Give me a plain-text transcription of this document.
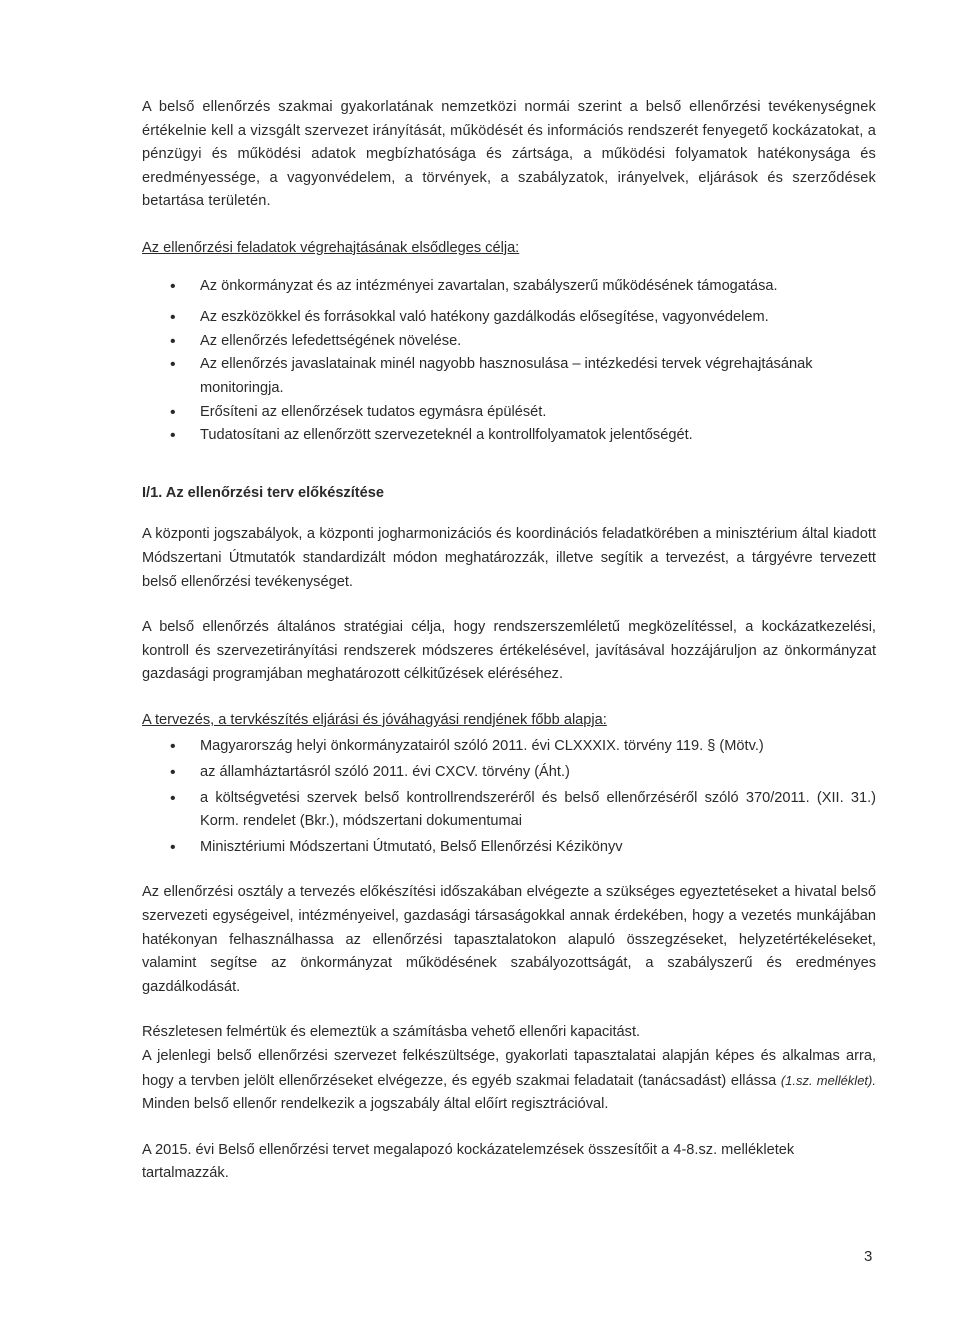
A belső ellenőrzés szakmai gyakorlatának nemzetközi normái szerint a belső ellenőrzési tevékenységnek értékelnie kell a vizsgált szervezet irányítását, működését és információs rendszerét fenyegető kockázatokat, a pénzügyi és működési adatok megbízhatósága és zártsága, a működési folyamatok hatékonysága és eredményessége, a vagyonvédelem, a törvények, a szabályzatok, irányelvek, eljárások és szerződések betartása területén.

Az ellenőrzési feladatok végrehajtásának elsődleges célja:

• Az önkormányzat és az intézményei zavartalan, szabályszerű működésének támogatása.
• Az eszközökkel és forrásokkal való hatékony gazdálkodás elősegítése, vagyonvédelem.
• Az ellenőrzés lefedettségének növelése.
• Az ellenőrzés javaslatainak minél nagyobb hasznosulása – intézkedési tervek végrehajtásának monitoringja.
• Erősíteni az ellenőrzések tudatos egymásra épülését.
• Tudatosítani az ellenőrzött szervezeteknél a kontrollfolyamatok jelentőségét.

I/1. Az ellenőrzési terv előkészítése

A központi jogszabályok, a központi jogharmonizációs és koordinációs feladatkörében a minisztérium által kiadott Módszertani Útmutatók standardizált módon meghatározzák, illetve segítik a tervezést, a tárgyévre tervezett belső ellenőrzési tevékenységet.

A belső ellenőrzés általános stratégiai célja, hogy rendszerszemléletű megközelítéssel, a kockázatkezelési, kontroll és szervezetirányítási rendszerek módszeres értékelésével, javításával hozzájáruljon az önkormányzat gazdasági programjában meghatározott célkitűzések eléréséhez.

A tervezés, a tervkészítés eljárási és jóváhagyási rendjének főbb alapja:

• Magyarország helyi önkormányzatairól szóló 2011. évi CLXXXIX. törvény 119. § (Mötv.)
• az államháztartásról szóló 2011. évi CXCV. törvény (Áht.)
• a költségvetési szervek belső kontrollrendszeréről és belső ellenőrzéséről szóló 370/2011. (XII. 31.) Korm. rendelet (Bkr.), módszertani dokumentumai
• Minisztériumi Módszertani Útmutató, Belső Ellenőrzési Kézikönyv

Az ellenőrzési osztály a tervezés előkészítési időszakában elvégezte a szükséges egyeztetéseket a hivatal belső szervezeti egységeivel, intézményeivel, gazdasági társaságokkal annak érdekében, hogy a vezetés munkájában hatékonyan felhasználhassa az ellenőrzési tapasztalatokon alapuló összegzéseket, helyzetértékeléseket, valamint segítse az önkormányzat működésének szabályozottságát, a szabályszerű és eredményes gazdálkodását.

Részletesen felmértük és elemeztük a számításba vehető ellenőri kapacitást.

A jelenlegi belső ellenőrzési szervezet felkészültsége, gyakorlati tapasztalatai alapján képes és alkalmas arra, hogy a tervben jelölt ellenőrzéseket elvégezze, és egyéb szakmai feladatait (tanácsadást) ellássa (1.sz. melléklet). Minden belső ellenőr rendelkezik a jogszabály által előírt regisztrációval.

A 2015. évi Belső ellenőrzési tervet megalapozó kockázatelemzések összesítőit a 4-8.sz. mellékletek tartalmazzák.

3
